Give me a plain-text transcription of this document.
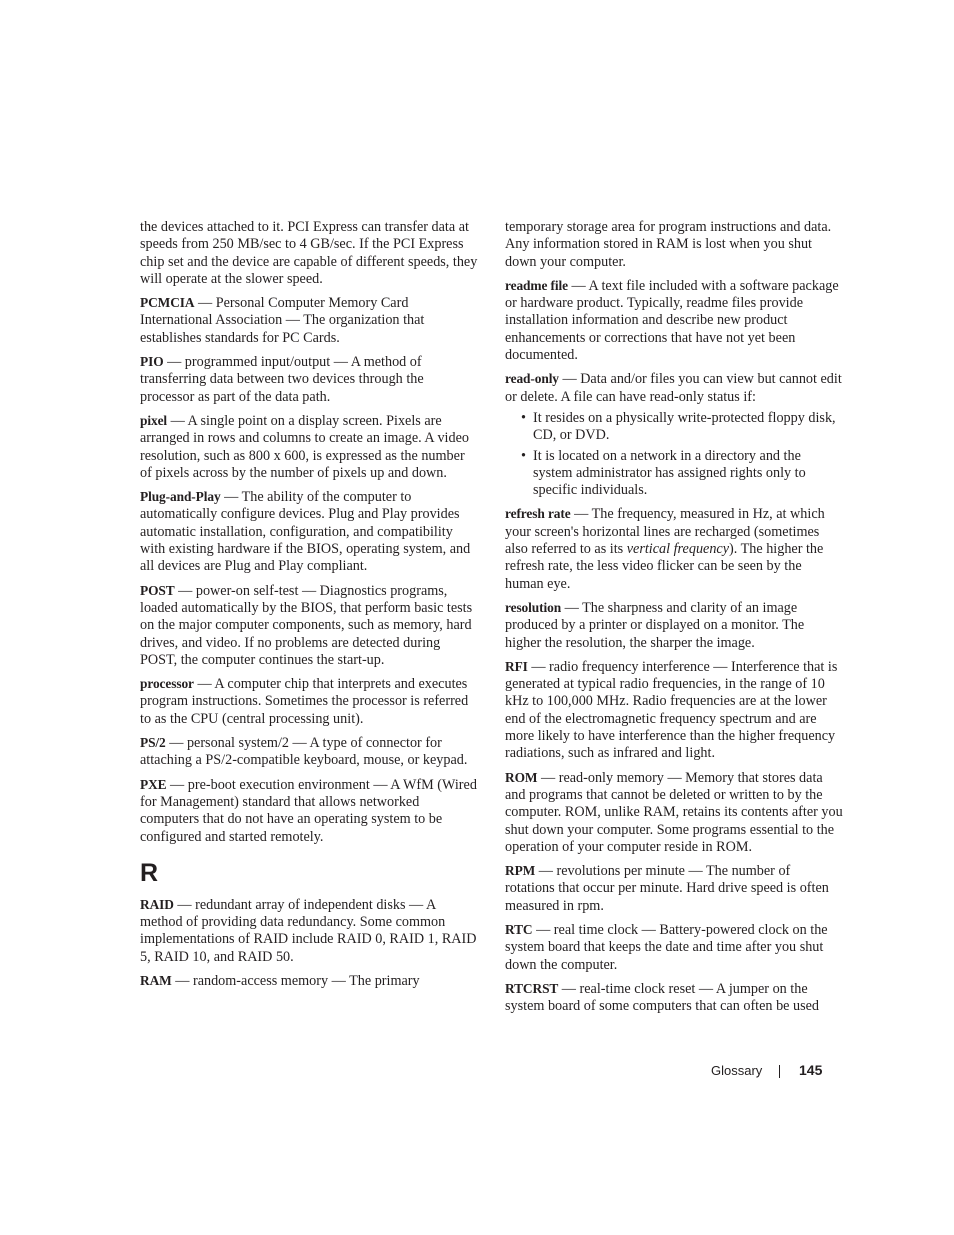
the devices attached to it. PCI Express can transfer data at speeds from 250 MB/sec to 4 GB/sec. If the PCI Express chip set and the device are capable of different speeds, they will operate at the slower speed.

PCMCIA — Personal Computer Memory Card International Association — The organization that establishes standards for PC Cards.

PIO — programmed input/output — A method of transferring data between two devices through the processor as part of the data path.

pixel — A single point on a display screen. Pixels are arranged in rows and columns to create an image. A video resolution, such as 800 x 600, is expressed as the number of pixels across by the number of pixels up and down.

Plug-and-Play — The ability of the computer to automatically configure devices. Plug and Play provides automatic installation, configuration, and compatibility with existing hardware if the BIOS, operating system, and all devices are Plug and Play compliant.

POST — power-on self-test — Diagnostics programs, loaded automatically by the BIOS, that perform basic tests on the major computer components, such as memory, hard drives, and video. If no problems are detected during POST, the computer continues the start-up.

processor — A computer chip that interprets and executes program instructions. Sometimes the processor is referred to as the CPU (central processing unit).

PS/2 — personal system/2 — A type of connector for attaching a PS/2-compatible keyboard, mouse, or keypad.

PXE — pre-boot execution environment — A WfM (Wired for Management) standard that allows networked computers that do not have an operating system to be configured and started remotely.

R

RAID — redundant array of independent disks — A method of providing data redundancy. Some common implementations of RAID include RAID 0, RAID 1, RAID 5, RAID 10, and RAID 50.

RAM — random-access memory — The primary

temporary storage area for program instructions and data. Any information stored in RAM is lost when you shut down your computer.

readme file — A text file included with a software package or hardware product. Typically, readme files provide installation information and describe new product enhancements or corrections that have not yet been documented.

read-only — Data and/or files you can view but cannot edit or delete. A file can have read-only status if:

• It resides on a physically write-protected floppy disk, CD, or DVD.
• It is located on a network in a directory and the system administrator has assigned rights only to specific individuals.

refresh rate — The frequency, measured in Hz, at which your screen's horizontal lines are recharged (sometimes also referred to as its vertical frequency). The higher the refresh rate, the less video flicker can be seen by the human eye.

resolution — The sharpness and clarity of an image produced by a printer or displayed on a monitor. The higher the resolution, the sharper the image.

RFI — radio frequency interference — Interference that is generated at typical radio frequencies, in the range of 10 kHz to 100,000 MHz. Radio frequencies are at the lower end of the electromagnetic frequency spectrum and are more likely to have interference than the higher frequency radiations, such as infrared and light.

ROM — read-only memory — Memory that stores data and programs that cannot be deleted or written to by the computer. ROM, unlike RAM, retains its contents after you shut down your computer. Some programs essential to the operation of your computer reside in ROM.

RPM — revolutions per minute — The number of rotations that occur per minute. Hard drive speed is often measured in rpm.

RTC — real time clock — Battery-powered clock on the system board that keeps the date and time after you shut down the computer.

RTCRST — real-time clock reset — A jumper on the system board of some computers that can often be used

Glossary	145
